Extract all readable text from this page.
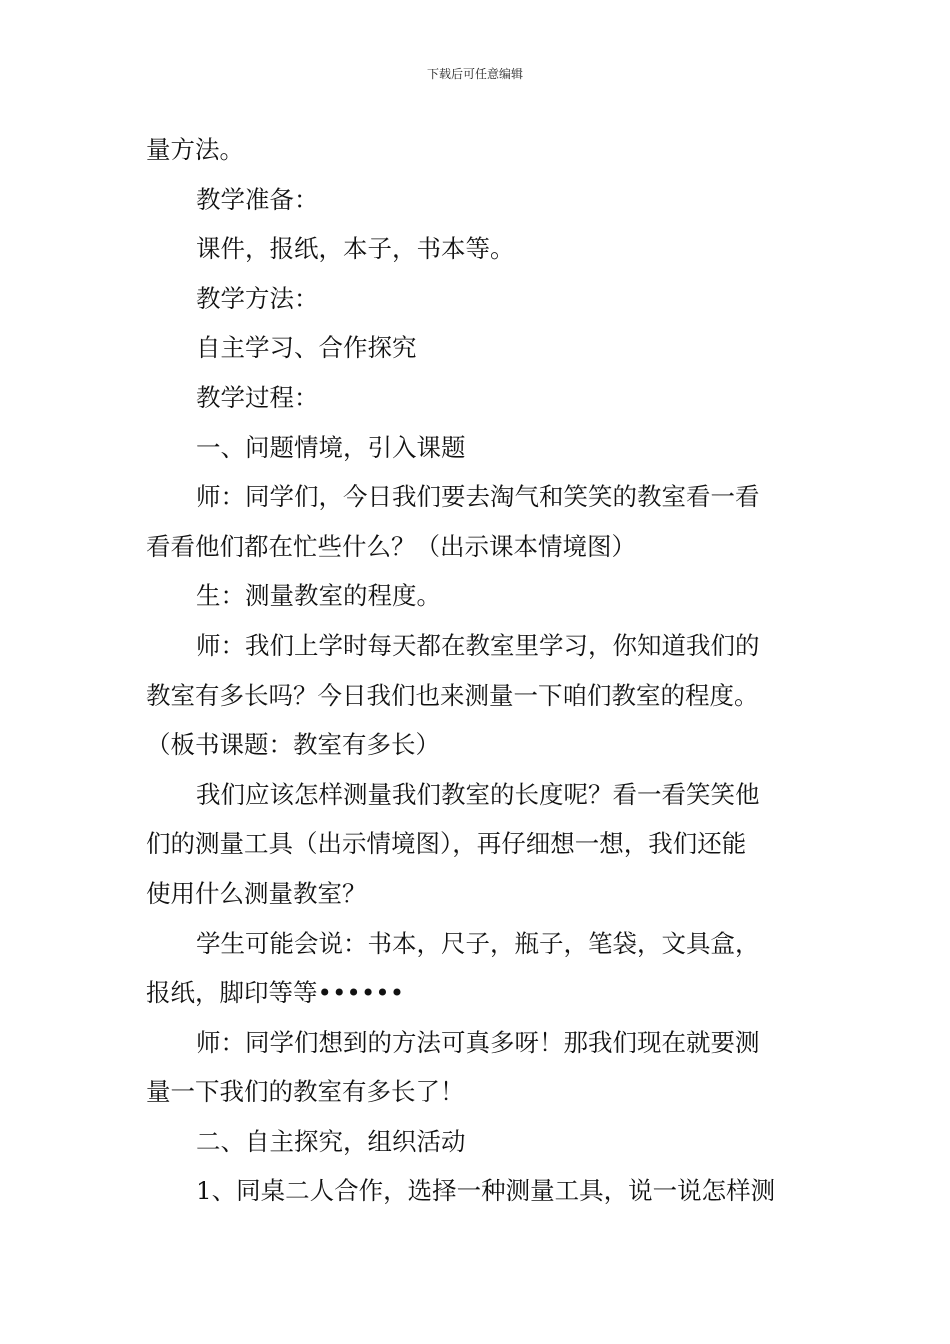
下载后可任意编辑
量方法。
教学准备：
课件，报纸，本子，书本等。
教学方法：
自主学习、合作探究
教学过程：
一、问题情境，引入课题
师：同学们，今日我们要去淘气和笑笑的教室看一看
看看他们都在忙些什么？（出示课本情境图）
生：测量教室的程度。
师：我们上学时每天都在教室里学习，你知道我们的
教室有多长吗？今日我们也来测量一下咱们教室的程度。
（板书课题：教室有多长）
我们应该怎样测量我们教室的长度呢？看一看笑笑他
们的测量工具（出示情境图），再仔细想一想，我们还能
使用什么测量教室？
学生可能会说：书本，尺子，瓶子，笔袋，文具盒，
报纸，脚印等等••••••
师：同学们想到的方法可真多呀！那我们现在就要测
量一下我们的教室有多长了！
二、自主探究，组织活动
1、同桌二人合作，选择一种测量工具，说一说怎样测
